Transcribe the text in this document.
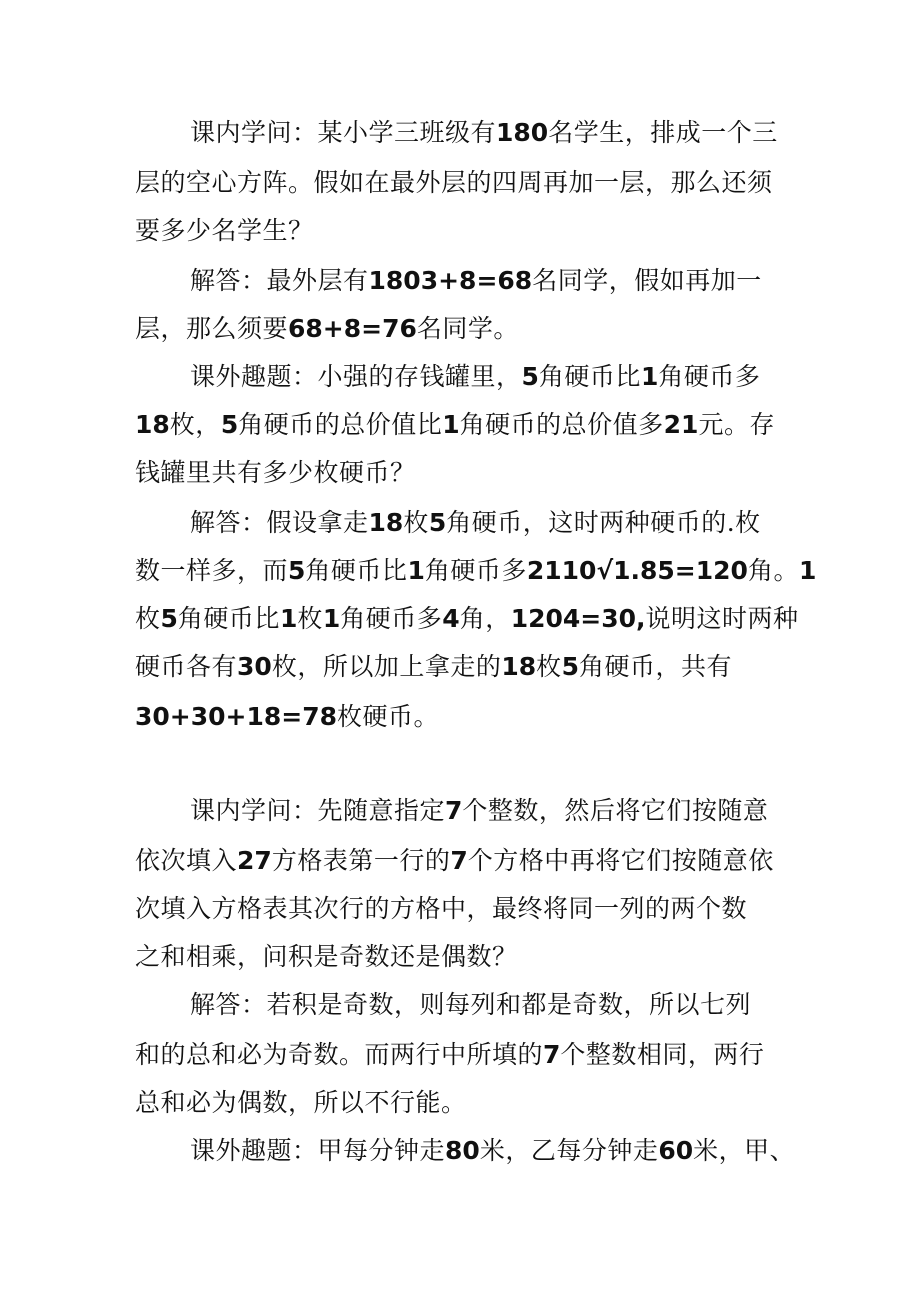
课内学问：某小学三班级有180名学生，排成一个三
层的空心方阵。假如在最外层的四周再加一层，那么还须
要多少名学生？
解答：最外层有1803+8=68名同学，假如再加一
层，那么须要68+8=76名同学。
课外趣题：小强的存钱罐里，5角硬币比1角硬币多
18枚，5角硬币的总价值比1角硬币的总价值多21元。存
钱罐里共有多少枚硬币？
解答：假设拿走18枚5角硬币，这时两种硬币的.枚
数一样多，而5角硬币比1角硬币多2110√1.85=120角。1
枚5角硬币比1枚1角硬币多4角，1204=30,说明这时两种
硬币各有30枚，所以加上拿走的18枚5角硬币，共有
30+30+18=78枚硬币。
课内学问：先随意指定7个整数，然后将它们按随意
依次填入27方格表第一行的7个方格中再将它们按随意依
次填入方格表其次行的方格中，最终将同一列的两个数
之和相乘，问积是奇数还是偶数？
解答：若积是奇数，则每列和都是奇数，所以七列
和的总和必为奇数。而两行中所填的7个整数相同，两行
总和必为偶数，所以不行能。
课外趣题：甲每分钟走80米，乙每分钟走60米，甲、
